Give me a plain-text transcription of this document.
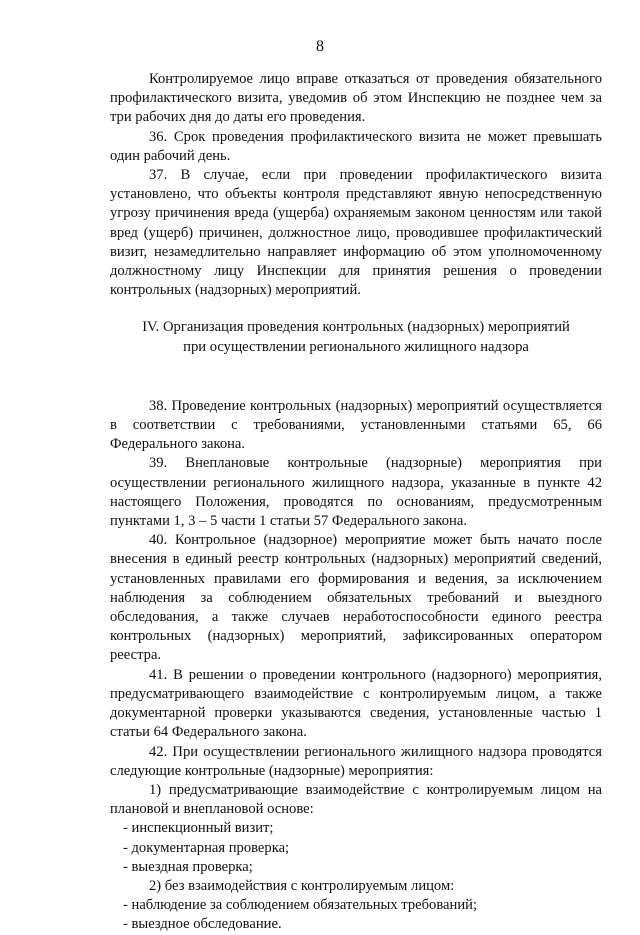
8

Контролируемое лицо вправе отказаться от проведения обязательного профилактического визита, уведомив об этом Инспекцию не позднее чем за три рабочих дня до даты его проведения.

36. Срок проведения профилактического визита не может превышать один рабочий день.

37. В случае, если при проведении профилактического визита установлено, что объекты контроля представляют явную непосредственную угрозу причинения вреда (ущерба) охраняемым законом ценностям или такой вред (ущерб) причинен, должностное лицо, проводившее профилактический визит, незамедлительно направляет информацию об этом уполномоченному должностному лицу Инспекции для принятия решения о проведении контрольных (надзорных) мероприятий.

IV. Организация проведения контрольных (надзорных) мероприятий
при осуществлении регионального жилищного надзора

38. Проведение контрольных (надзорных) мероприятий осуществляется в соответствии с требованиями, установленными статьями 65, 66 Федерального закона.

39. Внеплановые контрольные (надзорные) мероприятия при осуществлении регионального жилищного надзора, указанные в пункте 42 настоящего Положения, проводятся по основаниям, предусмотренным пунктами 1, 3 – 5 части 1 статьи 57 Федерального закона.

40. Контрольное (надзорное) мероприятие может быть начато после внесения в единый реестр контрольных (надзорных) мероприятий сведений, установленных правилами его формирования и ведения, за исключением наблюдения за соблюдением обязательных требований и выездного обследования, а также случаев неработоспособности единого реестра контрольных (надзорных) мероприятий, зафиксированных оператором реестра.

41. В решении о проведении контрольного (надзорного) мероприятия, предусматривающего взаимодействие с контролируемым лицом, а также документарной проверки указываются сведения, установленные частью 1 статьи 64 Федерального закона.

42. При осуществлении регионального жилищного надзора проводятся следующие контрольные (надзорные) мероприятия:

1) предусматривающие взаимодействие с контролируемым лицом на плановой и внеплановой основе:

- инспекционный визит;

- документарная проверка;

- выездная проверка;

2) без взаимодействия с контролируемым лицом:

- наблюдение за соблюдением обязательных требований;

- выездное обследование.
